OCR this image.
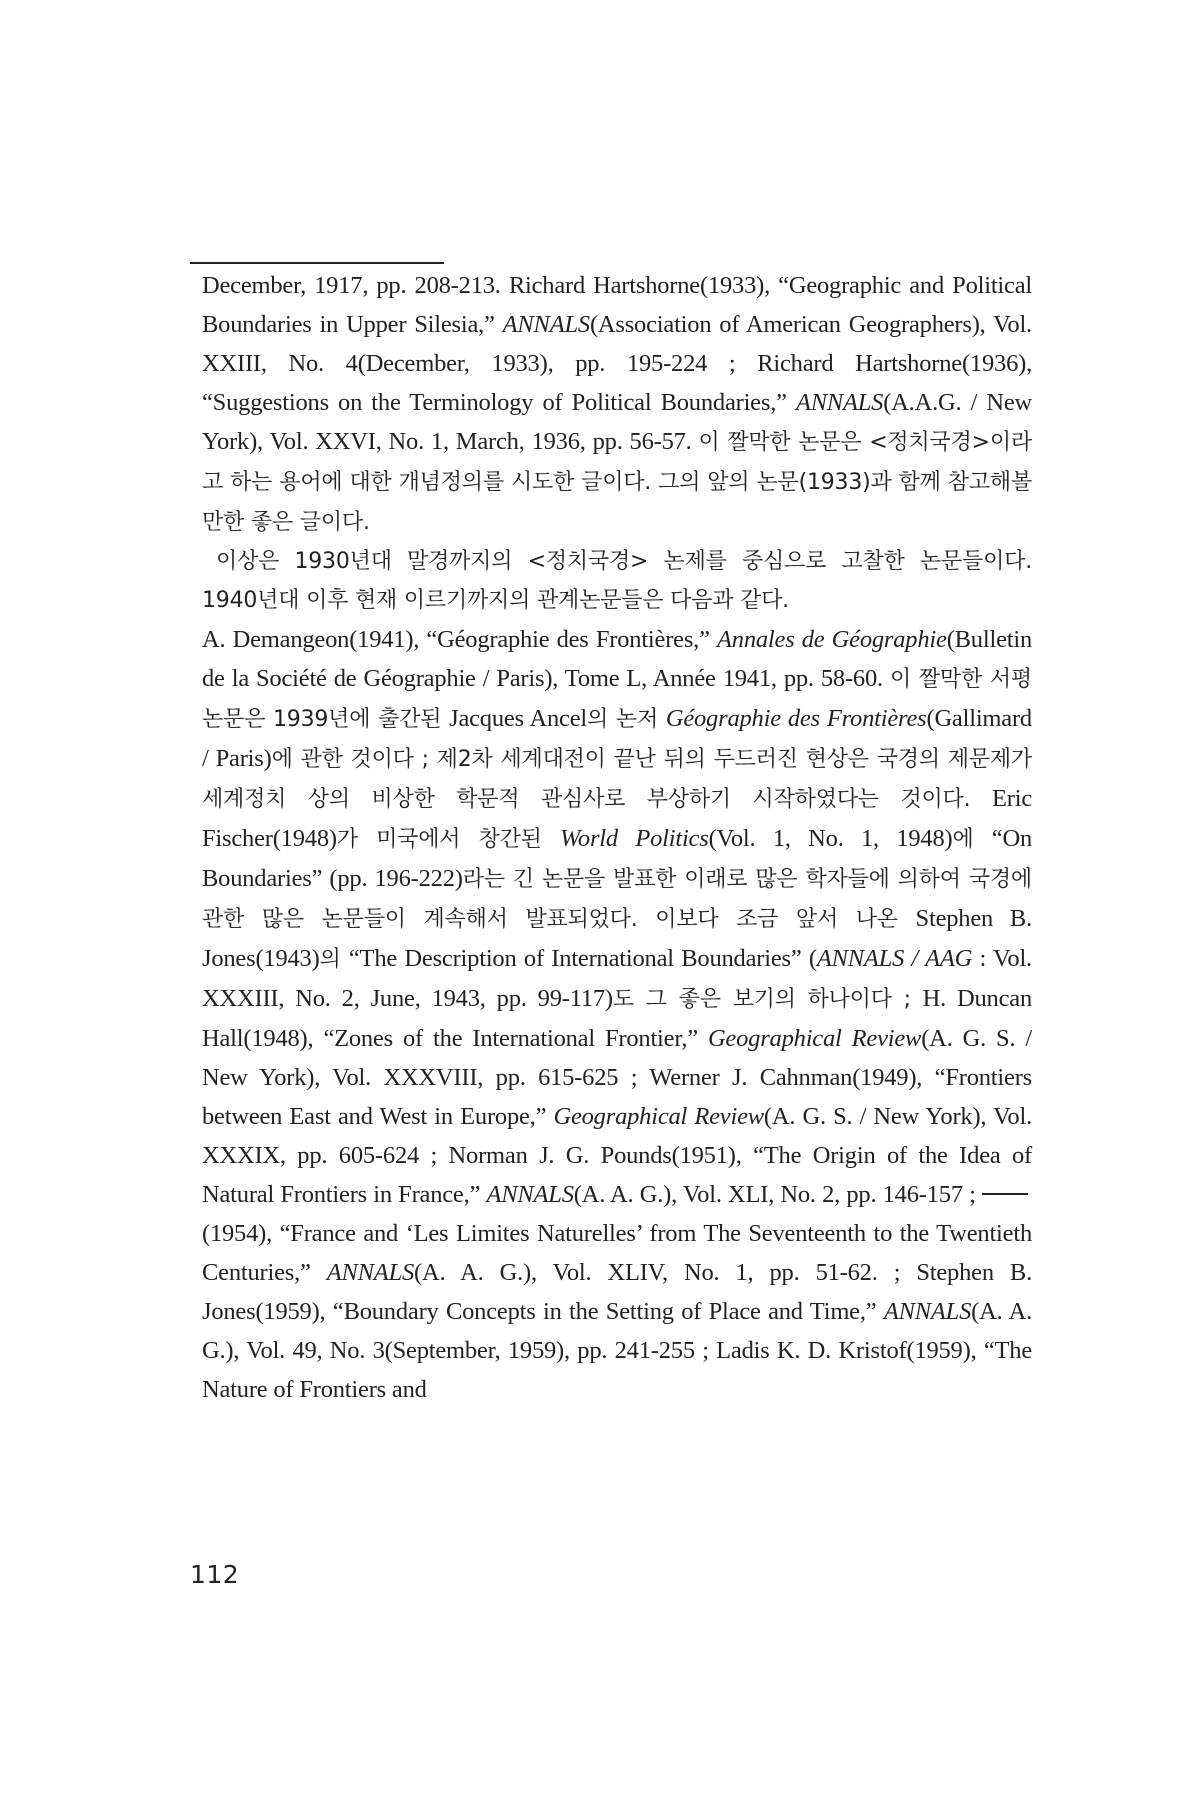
December, 1917, pp. 208-213. Richard Hartshorne(1933), “Geographic and Political Boundaries in Upper Silesia,” ANNALS(Association of American Geographers), Vol. XXIII, No. 4(December, 1933), pp. 195-224 ; Richard Hartshorne(1936), “Suggestions on the Terminology of Political Boundaries,” ANNALS(A.A.G. / New York), Vol. XXVI, No. 1, March, 1936, pp. 56-57. 이 짤막한 논문은 <정치국경>이라고 하는 용어에 대한 개념정의를 시도한 글이다. 그의 앞의 논문(1933)과 함께 참고해볼 만한 좋은 글이다.

이상은 1930년대 말경까지의 <정치국경> 논제를 중심으로 고찰한 논문들이다. 1940년대 이후 현재 이르기까지의 관계논문들은 다음과 같다.

A. Demangeon(1941), “Géographie des Frontières,” Annales de Géographie(Bulletin de la Société de Géographie / Paris), Tome L, Année 1941, pp. 58-60. 이 짤막한 서평 논문은 1939년에 출간된 Jacques Ancel의 논저 Géographie des Frontières(Gallimard / Paris)에 관한 것이다 ; 제2차 세계대전이 끝난 뒤의 두드러진 현상은 국경의 제문제가 세계정치 상의 비상한 학문적 관심사로 부상하기 시작하였다는 것이다. Eric Fischer(1948)가 미국에서 창간된 World Politics(Vol. 1, No. 1, 1948)에 “On Boundaries” (pp. 196-222)라는 긴 논문을 발표한 이래로 많은 학자들에 의하여 국경에 관한 많은 논문들이 계속해서 발표되었다. 이보다 조금 앞서 나온 Stephen B. Jones(1943)의 “The Description of International Boundaries” (ANNALS / AAG : Vol. XXXIII, No. 2, June, 1943, pp. 99-117)도 그 좋은 보기의 하나이다 ; H. Duncan Hall(1948), “Zones of the International Frontier,” Geographical Review(A. G. S. / New York), Vol. XXXVIII, pp. 615-625 ; Werner J. Cahnman(1949), “Frontiers between East and West in Europe,” Geographical Review(A. G. S. / New York), Vol. XXXIX, pp. 605-624 ; Norman J. G. Pounds(1951), “The Origin of the Idea of Natural Frontiers in France,” ANNALS(A. A. G.), Vol. XLI, No. 2, pp. 146-157 ; (1954), “France and ‘Les Limites Naturelles’ from The Seventeenth to the Twentieth Centuries,” ANNALS(A. A. G.), Vol. XLIV, No. 1, pp. 51-62. ; Stephen B. Jones(1959), “Boundary Concepts in the Setting of Place and Time,” ANNALS(A. A. G.), Vol. 49, No. 3(September, 1959), pp. 241-255 ; Ladis K. D. Kristof(1959), “The Nature of Frontiers and

112
